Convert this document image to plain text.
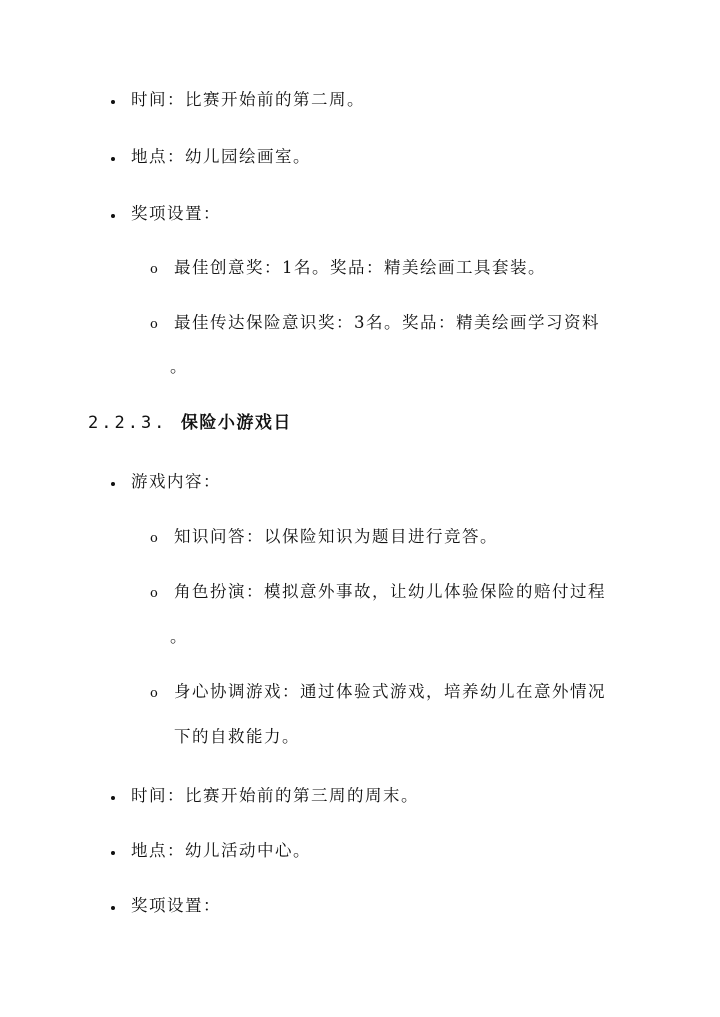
时间：比赛开始前的第二周。
地点：幼儿园绘画室。
奖项设置：
o 最佳创意奖：1名。奖品：精美绘画工具套装。
o 最佳传达保险意识奖：3名。奖品：精美绘画学习资料
。
2.2.3. 保险小游戏日
游戏内容：
o 知识问答：以保险知识为题目进行竞答。
o 角色扮演：模拟意外事故，让幼儿体验保险的赔付过程
。
o 身心协调游戏：通过体验式游戏，培养幼儿在意外情况
下的自救能力。
时间：比赛开始前的第三周的周末。
地点：幼儿活动中心。
奖项设置：
